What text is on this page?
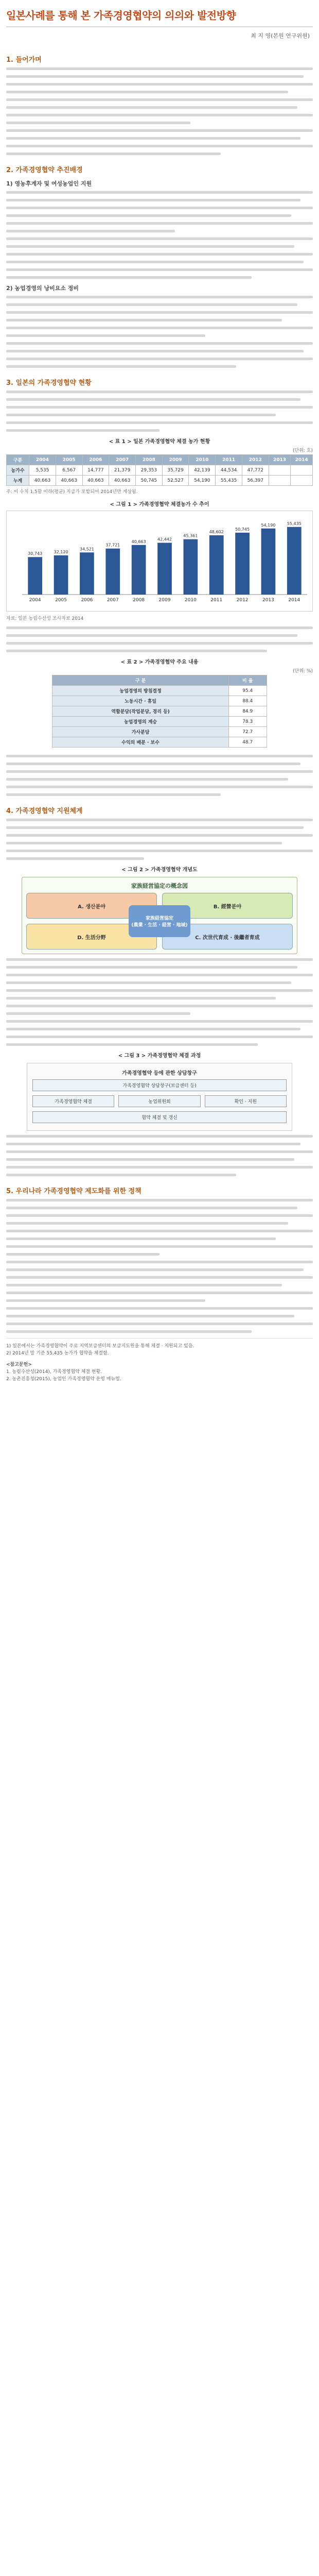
일본사례를 통해 본 가족경영협약의 의의와 발전방향
최 지 영(본원 연구위원)
1. 들어가며
2. 가족경영협약 추진배경
1) 영농후계자 및 여성농업인 지원
2) 농업경영의 낭비요소 정비
3. 일본의 가족경영협약 현황
< 표 1 > 일본 가족경영협약 체결 농가 현황
(단위: 호)
구분	2004	2005	2006	2007	2008	2009	2010	2011	2012	2013	2014
농가수	5,535	6,567	14,777	21,379	29,353	35,729	42,139	44,534	47,772		
누계	40,663	40,663	40,663	40,663	50,745	52,527	54,190	55,435	56,397		
주: 이 수치 1.5할 이하(평균) 지급가 포함되어 2014년만 계상됨.
< 그림 1 > 가족경영협약 체결농가 수 추이
30,743
2004
32,120
2005
34,521
2006
37,721
2007
40,663
2008
42,442
2009
45,361
2010
48,602
2011
50,745
2012
54,190
2013
55,435
2014
자료: 일본 농림수산성 조사자료 2014
< 표 2 > 가족경영협약 주요 내용
(단위: %)
구 분	비 율
농업경영의 방침결정	95.4
노동시간 · 휴일	88.4
역할분담(작업분담, 경리 등)	84.9
농업경영의 계승	78.3
가사분담	72.7
수익의 배분 · 보수	48.7
4. 가족경영협약 지원체계
< 그림 2 > 가족경영협약 개념도
家族経営協定の概念図
A. 생산분야	B. 經營분야
D. 生活分野	C. 次世代育成 · 後繼者育成
家族経営協定
(農業 · 生活 · 経営 · 地域)
< 그림 3 > 가족경영협약 체결 과정
가족경영협약 등에 관한 상담창구
가족경영협약 상담창구(보급센터 등)
가족경영협약 체결	농업위원회	확인 · 지원
협약 체결 및 갱신
5. 우리나라 가족경영협약 제도화를 위한 정책
1) 일본에서는 가족경영협약이 주로 지역보급센터의 보급지도원을 통해 체결 · 지원되고 있음.
2) 2014년 말 기준 55,435 농가가 협약을 체결함.
<참고문헌>
1. 농림수산성(2014), 가족경영협약 체결 현황.
2. 농촌진흥청(2015), 농업인 가족경영협약 운영 매뉴얼.
